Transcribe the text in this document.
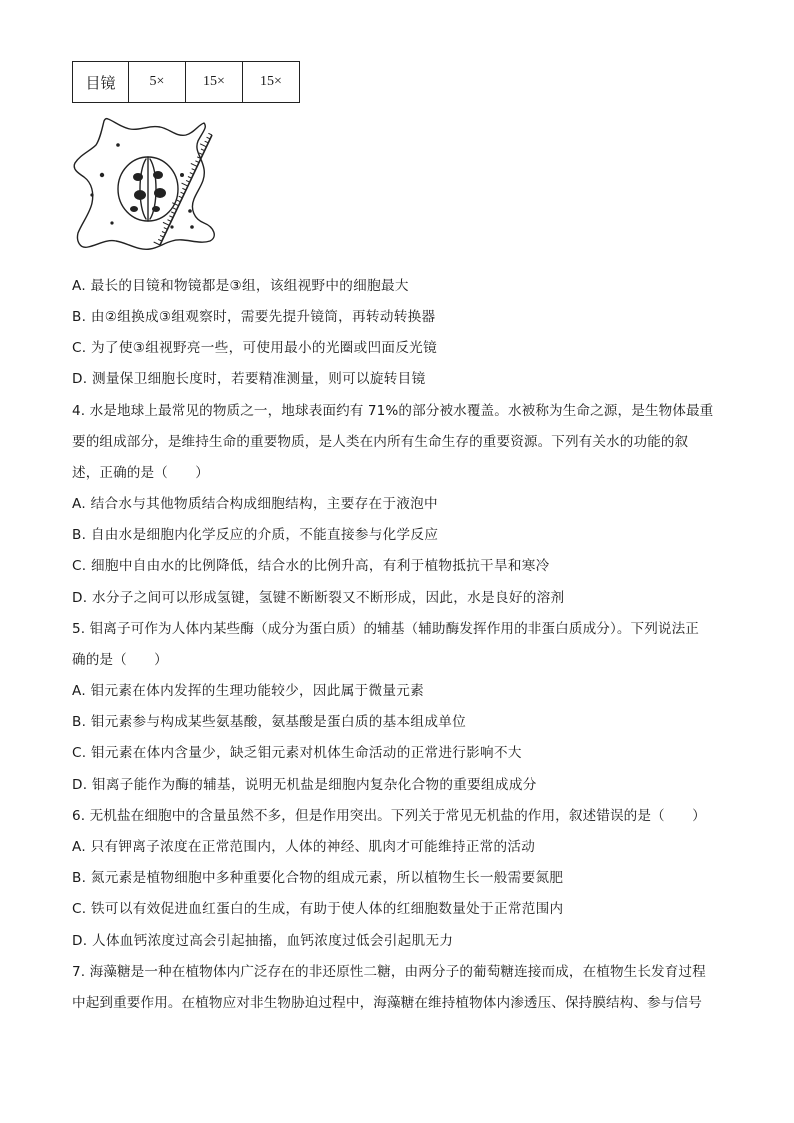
目镜	5×	15×	15×
A. 最长的目镜和物镜都是③组，该组视野中的细胞最大
B. 由②组换成③组观察时，需要先提升镜筒，再转动转换器
C. 为了使③组视野亮一些，可使用最小的光圈或凹面反光镜
D. 测量保卫细胞长度时，若要精准测量，则可以旋转目镜
4. 水是地球上最常见的物质之一，地球表面约有 71%的部分被水覆盖。水被称为生命之源，是生物体最重
要的组成部分，是维持生命的重要物质，是人类在内所有生命生存的重要资源。下列有关水的功能的叙
述，正确的是（　　）
A. 结合水与其他物质结合构成细胞结构，主要存在于液泡中
B. 自由水是细胞内化学反应的介质，不能直接参与化学反应
C. 细胞中自由水的比例降低，结合水的比例升高，有利于植物抵抗干旱和寒冷
D. 水分子之间可以形成氢键，氢键不断断裂又不断形成，因此，水是良好的溶剂
5. 钼离子可作为人体内某些酶（成分为蛋白质）的辅基（辅助酶发挥作用的非蛋白质成分）。下列说法正
确的是（　　）
A. 钼元素在体内发挥的生理功能较少，因此属于微量元素
B. 钼元素参与构成某些氨基酸，氨基酸是蛋白质的基本组成单位
C. 钼元素在体内含量少，缺乏钼元素对机体生命活动的正常进行影响不大
D. 钼离子能作为酶的辅基，说明无机盐是细胞内复杂化合物的重要组成成分
6. 无机盐在细胞中的含量虽然不多，但是作用突出。下列关于常见无机盐的作用，叙述错误的是（　　）
A. 只有钾离子浓度在正常范围内，人体的神经、肌肉才可能维持正常的活动
B. 氮元素是植物细胞中多种重要化合物的组成元素，所以植物生长一般需要氮肥
C. 铁可以有效促进血红蛋白的生成，有助于使人体的红细胞数量处于正常范围内
D. 人体血钙浓度过高会引起抽搐，血钙浓度过低会引起肌无力
7. 海藻糖是一种在植物体内广泛存在的非还原性二糖，由两分子的葡萄糖连接而成，在植物生长发育过程
中起到重要作用。在植物应对非生物胁迫过程中，海藻糖在维持植物体内渗透压、保持膜结构、参与信号
